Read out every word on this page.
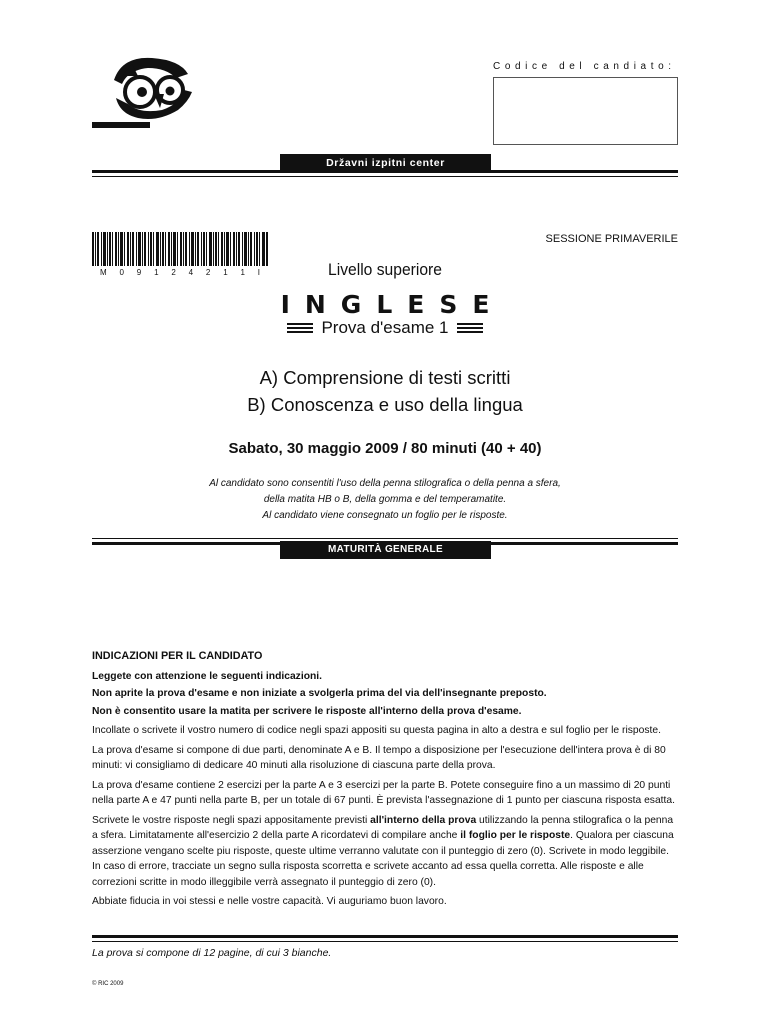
Codice del candiato:
Državni izpitni center
M 0 9 1 2 4 2 1 1 I
SESSIONE PRIMAVERILE
Livello superiore
INGLESE
Prova d'esame 1
A) Comprensione di testi scritti
B) Conoscenza e uso della lingua
Sabato, 30 maggio 2009 / 80 minuti (40 + 40)
Al candidato sono consentiti l'uso della penna stilografica o della penna a sfera,
della matita HB o B, della gomma e del temperamatite.
Al candidato viene consegnato un foglio per le risposte.
MATURITÀ GENERALE
INDICAZIONI PER IL CANDIDATO
Leggete con attenzione le seguenti indicazioni.
Non aprite la prova d'esame e non iniziate a svolgerla prima del via dell'insegnante preposto.
Non è consentito usare la matita per scrivere le risposte all'interno della prova d'esame.

Incollate o scrivete il vostro numero di codice negli spazi appositi su questa pagina in alto a destra e sul foglio per le risposte.

La prova d'esame si compone di due parti, denominate A e B. Il tempo a disposizione per l'esecuzione dell'intera prova è di 80 minuti: vi consigliamo di dedicare 40 minuti alla risoluzione di ciascuna parte della prova.

La prova d'esame contiene 2 esercizi per la parte A e 3 esercizi per la parte B. Potete conseguire fino a un massimo di 20 punti nella parte A e 47 punti nella parte B, per un totale di 67 punti. È prevista l'assegnazione di 1 punto per ciascuna risposta esatta.

Scrivete le vostre risposte negli spazi appositamente previsti all'interno della prova utilizzando la penna stilografica o la penna a sfera. Limitatamente all'esercizio 2 della parte A ricordatevi di compilare anche il foglio per le risposte. Qualora per ciascuna asserzione vengano scelte piu risposte, queste ultime verranno valutate con il punteggio di zero (0). Scrivete in modo leggibile. In caso di errore, tracciate un segno sulla risposta scorretta e scrivete accanto ad essa quella corretta. Alle risposte e alle correzioni scritte in modo illeggibile verrà assegnato il punteggio di zero (0).

Abbiate fiducia in voi stessi e nelle vostre capacità. Vi auguriamo buon lavoro.

La prova si compone di 12 pagine, di cui 3 bianche.
© RIC 2009
